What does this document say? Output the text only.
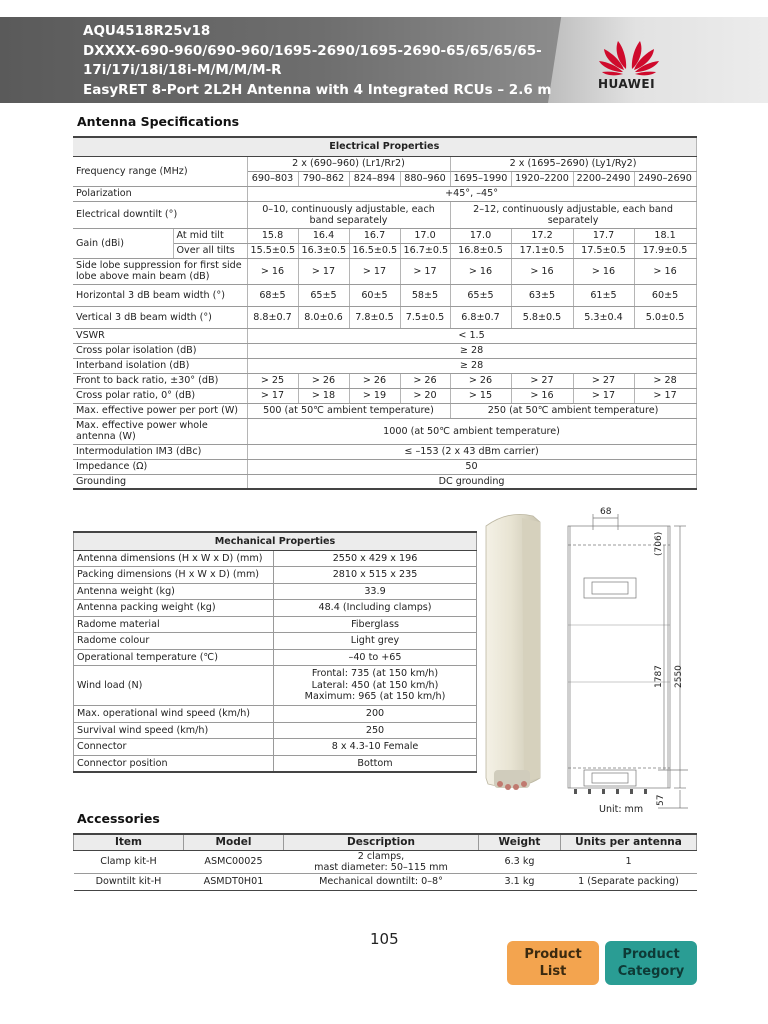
AQU4518R25v18
DXXXX-690-960/690-960/1695-2690/1695-2690-65/65/65/65-
17i/17i/18i/18i-M/M/M/M-R
EasyRET 8-Port 2L2H Antenna with 4 Integrated RCUs – 2.6 m	HUAWEI
Antenna Specifications
Electrical Properties									
Frequency range (MHz)		2 x (690–960) (Lr1/Rr2)				2 x (1695–2690) (Ly1/Ry2)			
		690–803	790–862	824–894	880–960	1695–1990	1920–2200	2200–2490	2490–2690
Polarization		+45°, –45°							
Electrical downtilt (°)		0–10, continuously adjustable, each band separately				2–12, continuously adjustable, each band separately			
Gain (dBi)	At mid tilt	15.8	16.4	16.7	17.0	17.0	17.2	17.7	18.1
	Over all tilts	15.5±0.5	16.3±0.5	16.5±0.5	16.7±0.5	16.8±0.5	17.1±0.5	17.5±0.5	17.9±0.5
Side lobe suppression for first side lobe above main beam (dB)		> 16	> 17	> 17	> 17	> 16	> 16	> 16	> 16
Horizontal 3 dB beam width (°)		68±5	65±5	60±5	58±5	65±5	63±5	61±5	60±5
Vertical 3 dB beam width (°)		8.8±0.7	8.0±0.6	7.8±0.5	7.5±0.5	6.8±0.7	5.8±0.5	5.3±0.4	5.0±0.5
VSWR		< 1.5							
Cross polar isolation (dB)		≥ 28							
Interband isolation (dB)		≥ 28							
Front to back ratio, ±30° (dB)		> 25	> 26	> 26	> 26	> 26	> 27	> 27	> 28
Cross polar ratio, 0° (dB)		> 17	> 18	> 19	> 20	> 15	> 16	> 17	> 17
Max. effective power per port (W)		500 (at 50℃ ambient temperature)				250 (at 50℃ ambient temperature)			
Max. effective power whole antenna (W)		1000 (at 50℃ ambient temperature)							
Intermodulation IM3 (dBc)		≤ –153 (2 x 43 dBm carrier)							
Impedance (Ω)		50							
Grounding		DC grounding							
Mechanical Properties	
Antenna dimensions (H x W x D) (mm)	2550 x 429 x 196
Packing dimensions (H x W x D) (mm)	2810 x 515 x 235
Antenna weight (kg)	33.9
Antenna packing weight (kg)	48.4 (Including clamps)
Radome material	Fiberglass
Radome colour	Light grey
Operational temperature (℃)	–40 to +65
Wind load (N)	Frontal: 735 (at 150 km/h)
Lateral: 450 (at 150 km/h)
Maximum: 965 (at 150 km/h)

Max. operational wind speed (km/h)	200
Survival wind speed (km/h)	250
Connector	8 x 4.3-10 Female
Connector position	Bottom
68
(706)
1787 2550
57
Unit: mm
Accessories
Item	Model	Description	Weight	Units per antenna
Clamp kit-H	ASMC00025	2 clamps,
mast diameter: 50–115 mm	6.3 kg	1
Downtilt kit-H	ASMDT0H01	Mechanical downtilt: 0–8°	3.1 kg	1 (Separate packing)
105
Product
List
Product
Category
